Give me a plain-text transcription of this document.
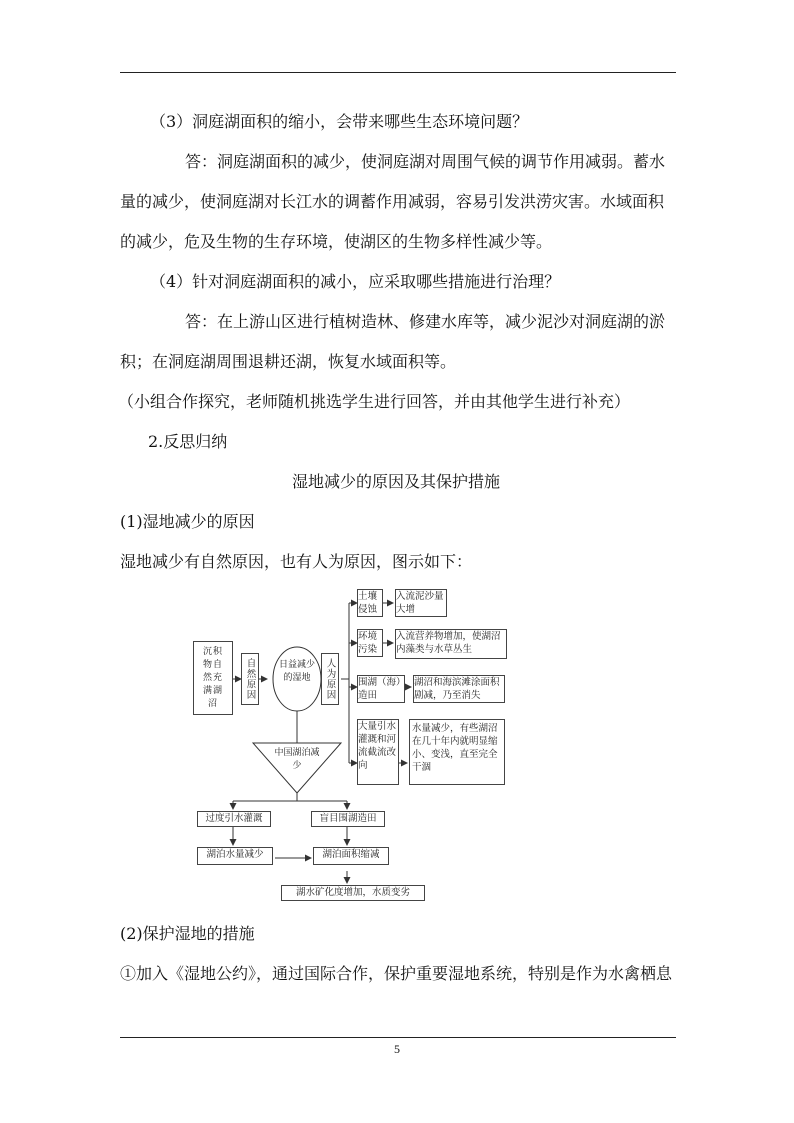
（3）洞庭湖面积的缩小，会带来哪些生态环境问题？
答：洞庭湖面积的减少，使洞庭湖对周围气候的调节作用减弱。蓄水
量的减少，使洞庭湖对长江水的调蓄作用减弱，容易引发洪涝灾害。水域面积
的减少，危及生物的生存环境，使湖区的生物多样性减少等。
（4）针对洞庭湖面积的减小，应采取哪些措施进行治理？
答：在上游山区进行植树造林、修建水库等，减少泥沙对洞庭湖的淤
积；在洞庭湖周围退耕还湖，恢复水域面积等。
（小组合作探究，老师随机挑选学生进行回答，并由其他学生进行补充）
2.反思归纳
湿地减少的原因及其保护措施
(1)湿地减少的原因
湿地减少有自然原因，也有人为原因，图示如下：
沉积物自然充满湖沼
自然原因	日益减少的湿地	人为原因
中国湖泊减少
土壤侵蚀
入流泥沙量大增
环境污染
入流营养物增加，使湖沼内藻类与水草丛生
围湖（海）造田
湖沼和海滨滩涂面积剧减，乃至消失
大量引水灌溉和河流截流改向
水量减少，有些湖沼在几十年内就明显缩小、变浅，直至完全干涸
过度引水灌溉	盲目围湖造田
湖泊水量减少	湖泊面积缩减
湖水矿化度增加，水质变劣
(2)保护湿地的措施
①加入《湿地公约》，通过国际合作，保护重要湿地系统，特别是作为水禽栖息
5
